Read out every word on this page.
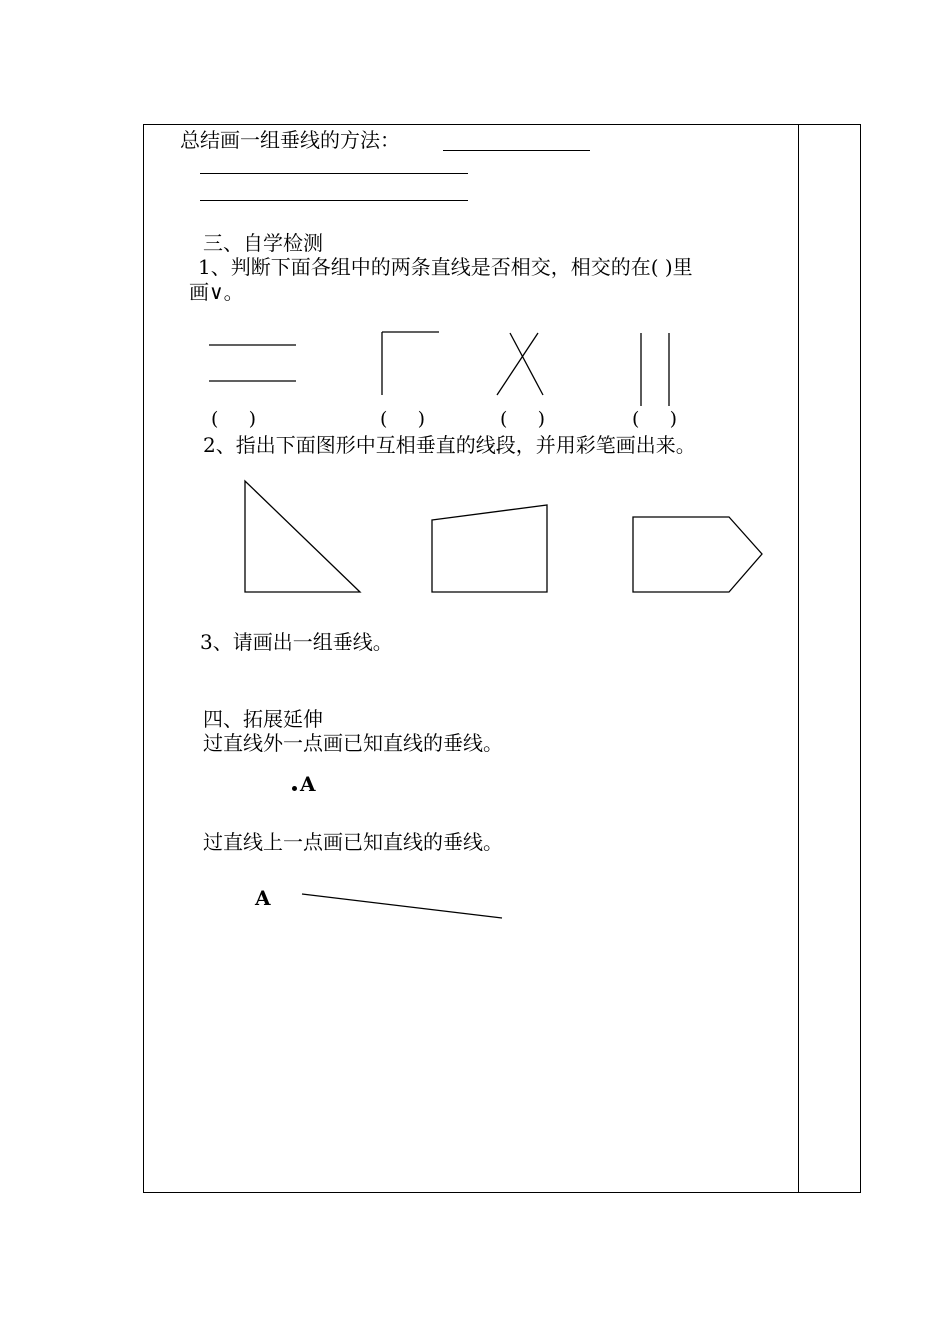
总结画一组垂线的方法：
三、自学检测
1、判断下面各组中的两条直线是否相交，相交的在( )里
画∨。
(     )	(     )	(     )	(     )
2、指出下面图形中互相垂直的线段，并用彩笔画出来。
3、请画出一组垂线。
四、拓展延伸
过直线外一点画已知直线的垂线。
A
过直线上一点画已知直线的垂线。
A
